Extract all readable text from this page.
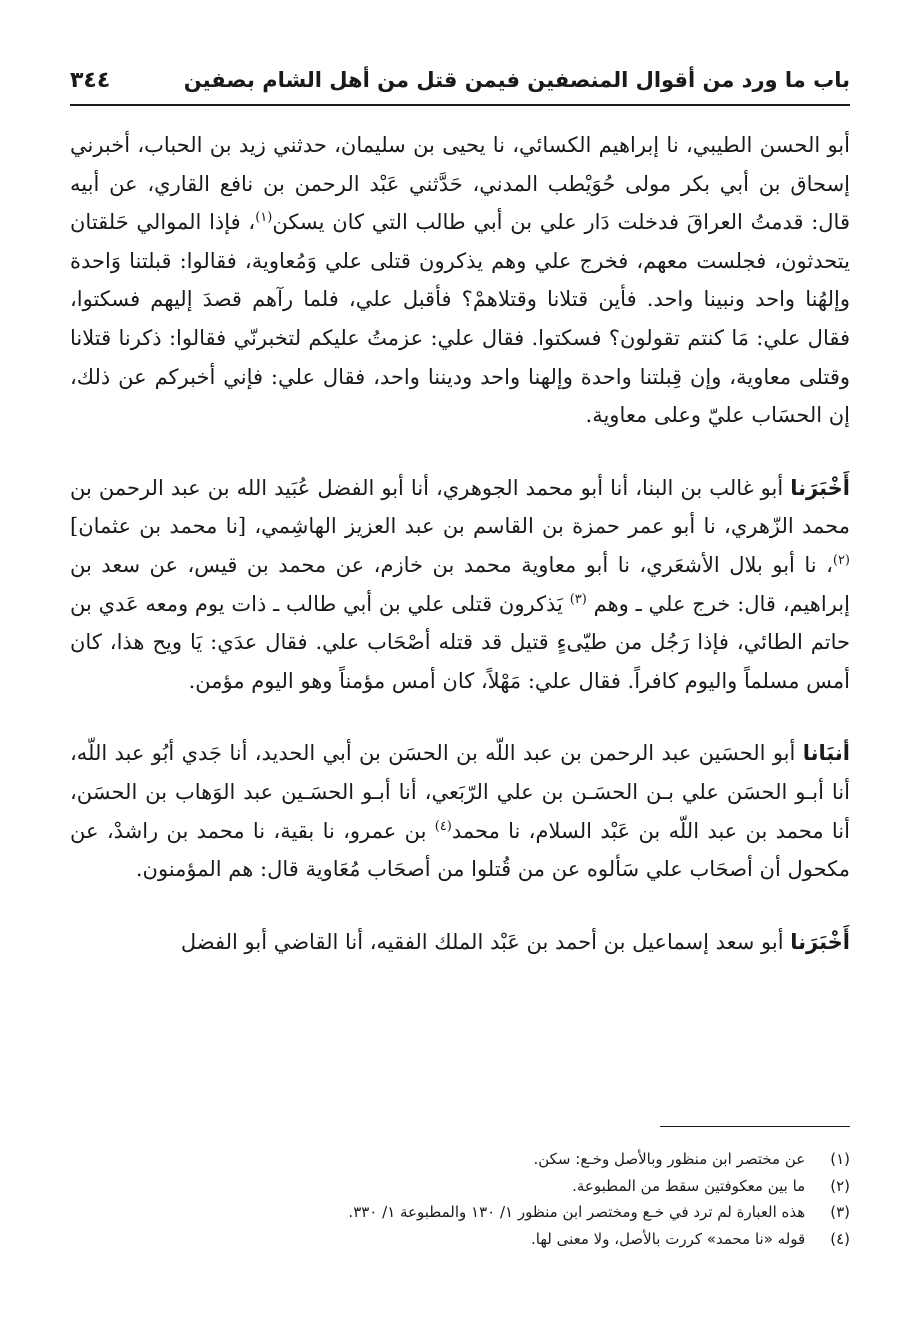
باب ما ورد من أقوال المنصفين فيمن قتل من أهل الشام بصفين
٣٤٤

أبو الحسن الطيبي، نا إبراهيم الكسائي، نا يحيى بن سليمان، حدثني زيد بن الحباب، أخبرني إسحاق بن أبي بكر مولى حُوَيْطب المدني، حَدَّثني عَبْد الرحمن بن نافع القاري، عن أبيه قال: قدمتُ العراقَ فدخلت دَار علي بن أبي طالب التي كان يسكن$^{(١)}$، فإذا الموالي حَلقتان يتحدثون، فجلست معهم، فخرج علي وهم يذكرون قتلى علي وَمُعاوية، فقالوا: قبلتنا وَاحدة وإلهُنا واحد ونبينا واحد. فأين قتلانا وقتلاهمْ؟ فأقبل علي، فلما رآهم قصدَ إليهم فسكتوا، فقال علي: مَا كنتم تقولون؟ فسكتوا. فقال علي: عزمتُ عليكم لتخبرنّي فقالوا: ذكرنا قتلانا وقتلى معاوية، وإن قِبلتنا واحدة وإلهنا واحد وديننا واحد، فقال علي: فإني أخبركم عن ذلك، إن الحسَاب عليّ وعلى معاوية.

أَخْبَرَنا أبو غالب بن البنا، أنا أبو محمد الجوهري، أنا أبو الفضل عُبَيد الله بن عبد الرحمن بن محمد الزّهري، نا أبو عمر حمزة بن القاسم بن عبد العزيز الهاشِمي، [نا محمد بن عثمان] $^{(٢)}$، نا أبو بلال الأشعَري، نا أبو معاوية محمد بن خازم، عن محمد بن قيس، عن سعد بن إبراهيم، قال: خرج علي ـ وهم $^{(٣)}$ يَذكرون قتلى علي بن أبي طالب ـ ذات يوم ومعه عَدي بن حاتم الطائي، فإذا رَجُل من طيّىءٍ قتيل قد قتله أصْحَاب علي. فقال عدَي: يَا ويح هذا، كان أمس مسلماً واليوم كافراً. فقال علي: مَهْلاً، كان أمس مؤمناً وهو اليوم مؤمن.

أنبَانا أبو الحسَين عبد الرحمن بن عبد اللّه بن الحسَن بن أبي الحديد، أنا جَدي أبُو عبد اللّه، أنا أبـو الحسَن علي بـن الحسَـن بن علي الرّبَعي، أنا أبـو الحسَـين عبد الوَهاب بن الحسَن، أنا محمد بن عبد اللّه بن عَبْد السلام، نا محمد$^{(٤)}$ بن عمرو، نا بقية، نا محمد بن راشدْ، عن مكحول أن أصحَاب علي سَألوه عن من قُتلوا من أصحَاب مُعَاوية قال: هم المؤمنون.

أَخْبَرَنا أبو سعد إسماعيل بن أحمد بن عَبْد الملك الفقيه، أنا القاضي أبو الفضل

(١) عن مختصر ابن منظور وبالأصل وخـع: سكن.

(٢) ما بين معكوفتين سقط من المطبوعة.

(٣) هذه العبارة لم ترد في خـع ومختصر ابن منظور ١/ ١٣٠ والمطبوعة ١/ ٣٣٠.

(٤) قوله «نا محمد» كررت بالأصل، ولا معنى لها.
